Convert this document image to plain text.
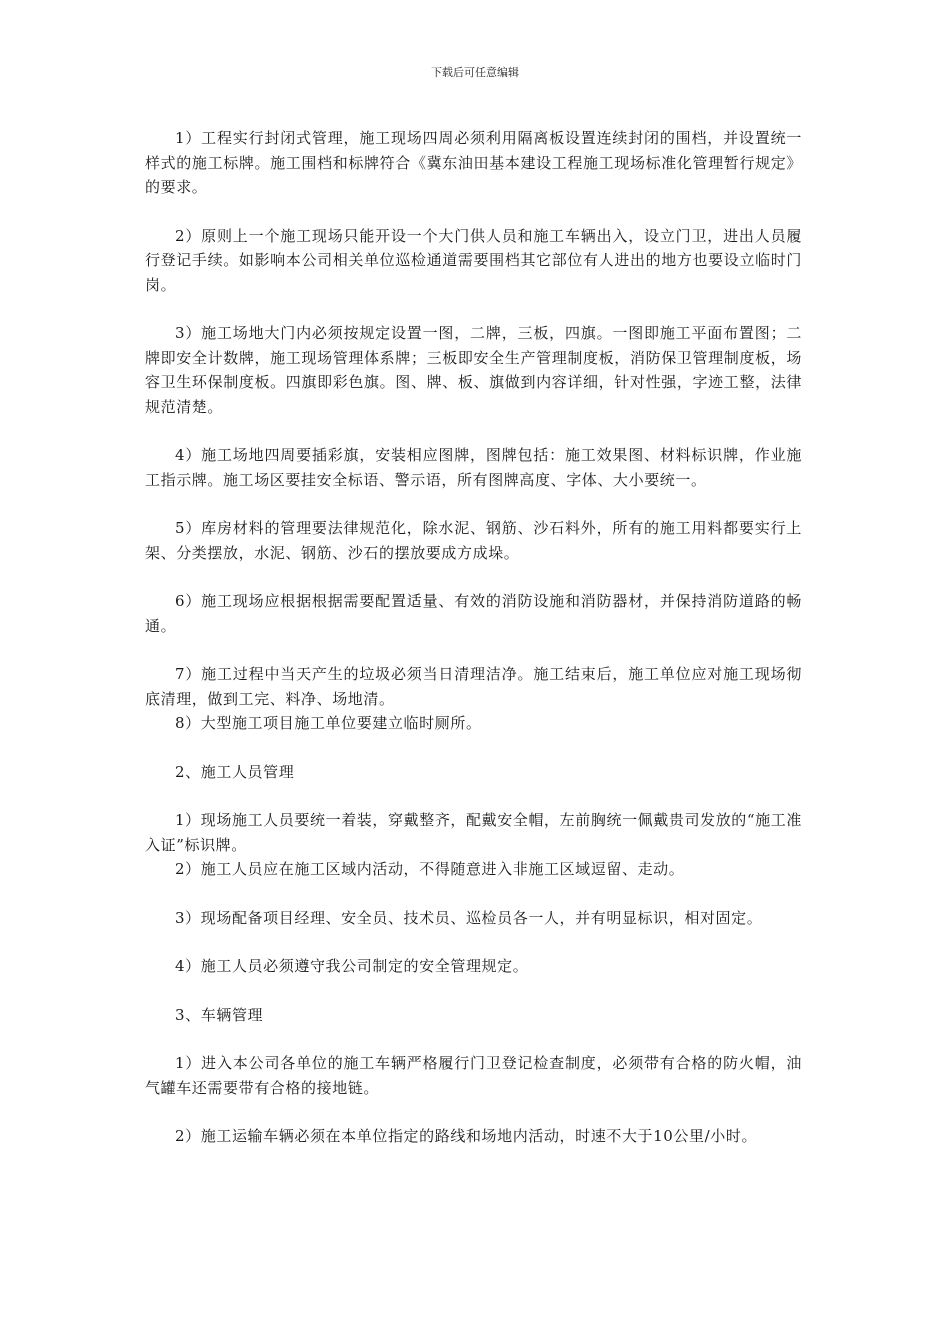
下载后可任意编辑

1）工程实行封闭式管理，施工现场四周必须利用隔离板设置连续封闭的围档，并设置统一样式的施工标牌。施工围档和标牌符合《冀东油田基本建设工程施工现场标准化管理暂行规定》的要求。

2）原则上一个施工现场只能开设一个大门供人员和施工车辆出入，设立门卫，进出人员履行登记手续。如影响本公司相关单位巡检通道需要围档其它部位有人进出的地方也要设立临时门岗。

3）施工场地大门内必须按规定设置一图，二牌，三板，四旗。一图即施工平面布置图；二牌即安全计数牌，施工现场管理体系牌；三板即安全生产管理制度板，消防保卫管理制度板，场容卫生环保制度板。四旗即彩色旗。图、牌、板、旗做到内容详细，针对性强，字迹工整，法律规范清楚。

4）施工场地四周要插彩旗，安装相应图牌，图牌包括：施工效果图、材料标识牌，作业施工指示牌。施工场区要挂安全标语、警示语，所有图牌高度、字体、大小要统一。

5）库房材料的管理要法律规范化，除水泥、钢筋、沙石料外，所有的施工用料都要实行上架、分类摆放，水泥、钢筋、沙石的摆放要成方成垛。

6）施工现场应根据根据需要配置适量、有效的消防设施和消防器材，并保持消防道路的畅通。

7）施工过程中当天产生的垃圾必须当日清理洁净。施工结束后，施工单位应对施工现场彻底清理，做到工完、料净、场地清。

8）大型施工项目施工单位要建立临时厕所。

2、施工人员管理

1）现场施工人员要统一着装，穿戴整齐，配戴安全帽，左前胸统一佩戴贵司发放的“施工准入证”标识牌。

2）施工人员应在施工区域内活动，不得随意进入非施工区域逗留、走动。

3）现场配备项目经理、安全员、技术员、巡检员各一人，并有明显标识，相对固定。

4）施工人员必须遵守我公司制定的安全管理规定。

3、车辆管理

1）进入本公司各单位的施工车辆严格履行门卫登记检查制度，必须带有合格的防火帽，油气罐车还需要带有合格的接地链。

2）施工运输车辆必须在本单位指定的路线和场地内活动，时速不大于10公里/小时。
